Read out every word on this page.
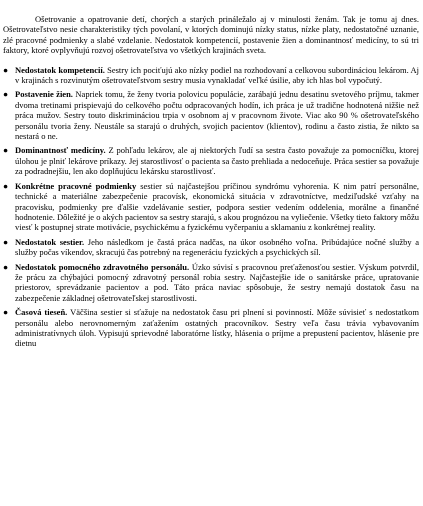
Ošetrovanie a opatrovanie detí, chorých a starých prináležalo aj v minulosti ženám. Tak je tomu aj dnes. Ošetrovateľstvo nesie charakteristiky tých povolaní, v ktorých dominujú nízky status, nízke platy, nedostatočné uznanie, zlé pracovné podmienky a slabé vzdelanie. Nedostatok kompetencií, postavenie žien a dominantnosť medicíny, to sú tri faktory, ktoré ovplyvňujú rozvoj ošetrovateľstva vo všetkých krajinách sveta.

● Nedostatok kompetencií. Sestry ich pociťujú ako nízky podiel na rozhodovaní a celkovou subordináciou lekárom. Aj v krajinách s rozvinutým ošetrovateľstvom sestry musia vynakladať veľké úsilie, aby ich hlas bol vypočutý.
● Postavenie žien. Napriek tomu, že ženy tvoria polovicu populácie, zarábajú jednu desatinu svetového príjmu, takmer dvoma tretinami prispievajú do celkového počtu odpracovaných hodín, ich práca je už tradične hodnotená nižšie než práca mužov. Sestry touto diskrimináciou trpia v osobnom aj v pracovnom živote. Viac ako 90 % ošetrovateľského personálu tvoria ženy. Neustále sa starajú o druhých, svojich pacientov (klientov), rodinu a často zistia, že nikto sa nestará o ne.
● Dominantnosť medicíny. Z pohľadu lekárov, ale aj niektorých ľudí sa sestra často považuje za pomocníčku, ktorej úlohou je plniť lekárove príkazy. Jej starostlivosť o pacienta sa často prehliada a nedoceňuje. Práca sestier sa považuje za podradnejšiu, len ako doplňujúcu lekársku starostlivosť.
● Konkrétne pracovné podmienky sestier sú najčastejšou príčinou syndrómu vyhorenia. K nim patrí personálne, technické a materiálne zabezpečenie pracovísk, ekonomická situácia v zdravotníctve, medziľudské vzťahy na pracovisku, podmienky pre ďalšie vzdelávanie sestier, podpora sestier vedením oddelenia, morálne a finančné hodnotenie. Dôležité je o akých pacientov sa sestry starajú, s akou prognózou na vyliečenie. Všetky tieto faktory môžu viesť k postupnej strate motivácie, psychickému a fyzickému vyčerpaniu a sklamaniu z konkrétnej reality.
● Nedostatok sestier. Jeho následkom je častá práca nadčas, na úkor osobného voľna. Pribúdajúce nočné služby a služby počas víkendov, skracujú čas potrebný na regeneráciu fyzických a psychických síl.
● Nedostatok pomocného zdravotného personálu. Úzko súvisí s pracovnou preťaženosťou sestier. Výskum potvrdil, že prácu za chýbajúci pomocný zdravotný personál robia sestry. Najčastejšie ide o sanitárske práce, upratovanie priestorov, sprevádzanie pacientov a pod. Táto práca naviac spôsobuje, že sestry nemajú dostatok času na zabezpečenie základnej ošetrovateľskej starostlivosti.
● Časová tieseň. Väčšina sestier si sťažuje na nedostatok času pri plnení si povinností. Môže súvisieť s nedostatkom personálu alebo nerovnomerným zaťažením ostatných pracovníkov. Sestry veľa času trávia vybavovaním administratívnych úloh. Vypisujú sprievodné laboratórne lístky, hlásenia o príjme a prepustení pacientov, hlásenie pre dietnu
